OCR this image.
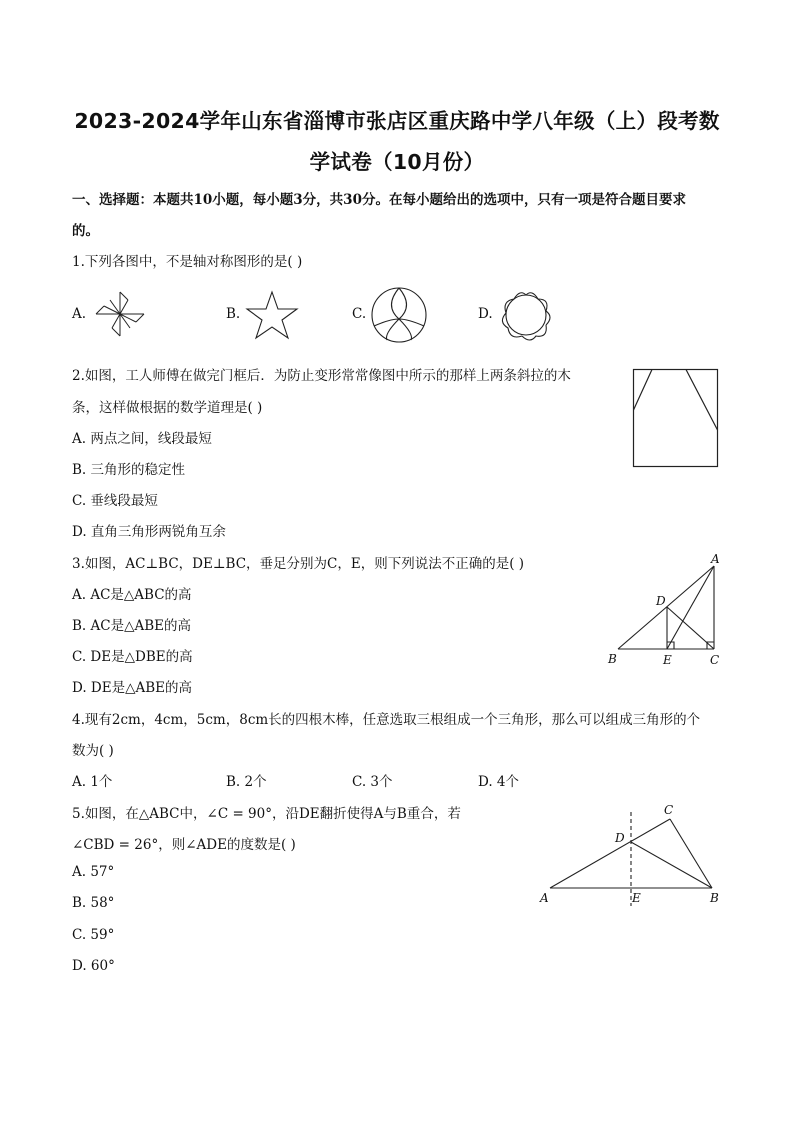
2023-2024学年山东省淄博市张店区重庆路中学八年级（上）段考数
学试卷（10月份）
一、选择题：本题共10小题，每小题3分，共30分。在每小题给出的选项中，只有一项是符合题目要求
的。
1.下列各图中，不是轴对称图形的是( )
A.	B.	C.	D.
2.如图，工人师傅在做完门框后．为防止变形常常像图中所示的那样上两条斜拉的木
条，这样做根据的数学道理是( )
A. 两点之间，线段最短
B. 三角形的稳定性
C. 垂线段最短
D. 直角三角形两锐角互余
3.如图，AC⊥BC，DE⊥BC，垂足分别为C，E，则下列说法不正确的是( )
A. AC是△ABC的高
B. AC是△ABE的高
C. DE是△DBE的高
D. DE是△ABE的高
A
B	C
D
E
4.现有2cm，4cm，5cm，8cm长的四根木棒，任意选取三根组成一个三角形，那么可以组成三角形的个
数为( )
A. 1个	B. 2个	C. 3个	D. 4个
5.如图，在△ABC中，∠C = 90°，沿DE翻折使得A与B重合，若
∠CBD = 26°，则∠ADE的度数是( )
A. 57°
B. 58°
C. 59°
D. 60°
C
D
A	E	B
